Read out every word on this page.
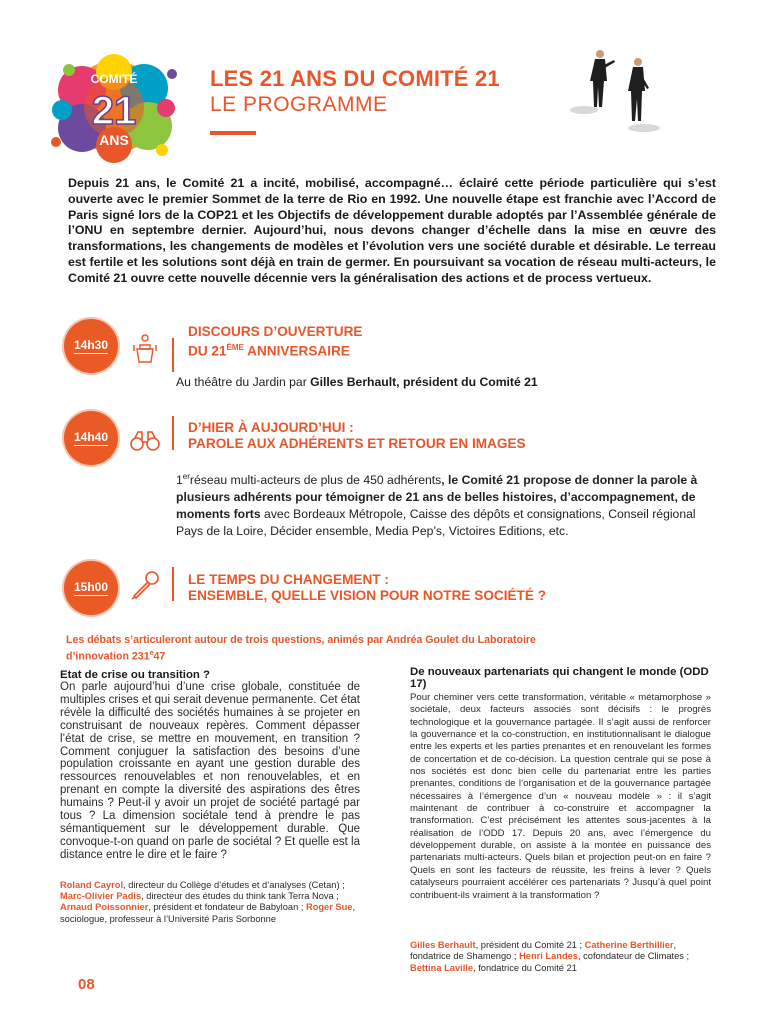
COMITÉ
21
ANS
LES 21 ANS DU COMITÉ 21
LE PROGRAMME

Depuis 21 ans, le Comité 21 a incité, mobilisé, accompagné… éclairé cette période particulière qui s’est ouverte avec le premier Sommet de la terre de Rio en 1992. Une nouvelle étape est franchie avec l’Accord de Paris signé lors de la COP21 et les Objectifs de développement durable adoptés par l’Assemblée générale de l’ONU en septembre dernier. Aujourd’hui, nous devons changer d’échelle dans la mise en œuvre des transformations, les changements de modèles et l’évolution vers une société durable et désirable. Le terreau est fertile et les solutions sont déjà en train de germer. En poursuivant sa vocation de réseau multi-acteurs, le Comité 21 ouvre cette nouvelle décennie vers la généralisation des actions et de process vertueux.

14h30
DISCOURS D’OUVERTURE
DU 21ÈME ANNIVERSAIRE
Au théâtre du Jardin par Gilles Berhault, président du Comité 21
14h40
D’HIER À AUJOURD’HUI :
PAROLE AUX ADHÉRENTS ET RETOUR EN IMAGES

1erréseau multi-acteurs de plus de 450 adhérents, le Comité 21 propose de donner la parole à plusieurs adhérents pour témoigner de 21 ans de belles histoires, d’accompagnement, de moments forts avec Bordeaux Métropole, Caisse des dépôts et consignations, Conseil régional Pays de la Loire, Décider ensemble, Media Pep’s, Victoires Editions, etc.

15h00	LE TEMPS DU CHANGEMENT :
ENSEMBLE, QUELLE VISION POUR NOTRE SOCIÉTÉ ?

Les débats s’articuleront autour de trois questions, animés par Andréa Goulet du Laboratoire
d’innovation 231e47

Etat de crise ou transition ?

On parle aujourd’hui d’une crise globale, constituée de multiples crises et qui serait devenue permanente. Cet état révèle la difficulté des sociétés humaines à se projeter en construisant de nouveaux repères. Comment dépasser l’état de crise, se mettre en mouvement, en transition ? Comment conjuguer la satisfaction des besoins d’une population croissante en ayant une gestion durable des ressources renouvelables et non renouvelables, et en prenant en compte la diversité des aspirations des êtres humains ? Peut-il y avoir un projet de société partagé par tous ? La dimension sociétale tend à prendre le pas sémantiquement sur le développement durable. Que convoque-t-on quand on parle de sociétal ? Et quelle est la distance entre le dire et le faire ?

Roland Cayrol, directeur du Collège d’études et d’analyses (Cetan) ; Marc-Olivier Padis, directeur des études du think tank Terra Nova ; Arnaud Poissonnier, président et fondateur de Babyloan ; Roger Sue, sociologue, professeur à l’Université Paris Sorbonne

De nouveaux partenariats qui changent le monde (ODD 17)

Pour cheminer vers cette transformation, véritable « métamorphose » sociétale, deux facteurs associés sont décisifs : le progrès technologique et la gouvernance partagée. Il s’agit aussi de renforcer la gouvernance et la co-construction, en institutionnalisant le dialogue entre les experts et les parties prenantes et en renouvelant les formes de concertation et de co-décision. La question centrale qui se pose à nos sociétés est donc bien celle du partenariat entre les parties prenantes, conditions de l’organisation et de la gouvernance partagée nécessaires à l’émergence d’un « nouveau modèle » : il s’agit maintenant de contribuer à co-construire et accompagner la transformation. C’est précisément les attentes sous-jacentes à la réalisation de l’ODD 17. Depuis 20 ans, avec l’émergence du développement durable, on assiste à la montée en puissance des partenariats multi-acteurs. Quels bilan et projection peut-on en faire ? Quels en sont les facteurs de réussite, les freins à lever ? Quels catalyseurs pourraient accélérer ces partenariats ? Jusqu’à quel point contribuent-ils vraiment à la transformation ?

Gilles Berhault, président du Comité 21 ; Catherine Berthillier, fondatrice de Shamengo ; Henri Landes, cofondateur de Climates ; Bettina Laville, fondatrice du Comité 21

08
